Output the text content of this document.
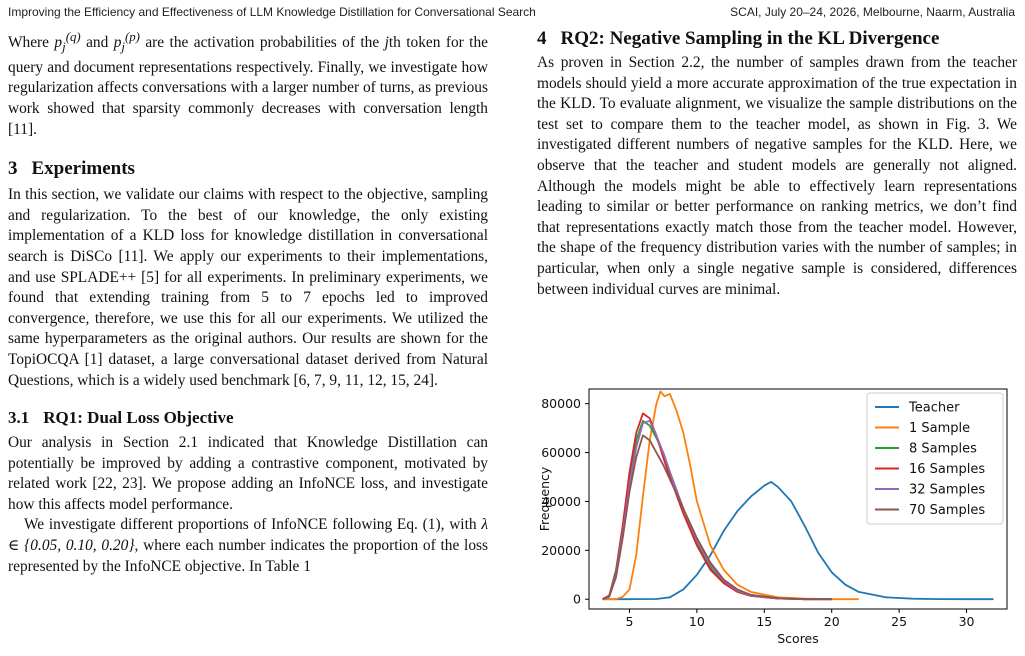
Improving the Efficiency and Effectiveness of LLM Knowledge Distillation for Conversational Search	SCAI, July 20–24, 2026, Melbourne, Naarm, Australia

Where $p_j^{(q)}$ and $p_j^{(p)}$ are the activation probabilities of the jth token for the query and document representations respectively. Finally, we investigate how regularization affects conversations with a larger number of turns, as previous work showed that sparsity commonly decreases with conversation length [11].

3 Experiments

In this section, we validate our claims with respect to the objective, sampling and regularization. To the best of our knowledge, the only existing implementation of a KLD loss for knowledge distillation in conversational search is DiSCo [11]. We apply our experiments to their implementations, and use SPLADE++ [5] for all experiments. In preliminary experiments, we found that extending training from 5 to 7 epochs led to improved convergence, therefore, we use this for all our experiments. We utilized the same hyperparameters as the original authors. Our results are shown for the TopiOCQA [1] dataset, a large conversational dataset derived from Natural Questions, which is a widely used benchmark [6, 7, 9, 11, 12, 15, 24].

3.1 RQ1: Dual Loss Objective

Our analysis in Section 2.1 indicated that Knowledge Distillation can potentially be improved by adding a contrastive component, motivated by related work [22, 23]. We propose adding an InfoNCE loss, and investigate how this affects model performance.

We investigate different proportions of InfoNCE following Eq. (1), with λ ∈ {0.05, 0.10, 0.20}, where each number indicates the proportion of the loss represented by the InfoNCE objective. In Table 1

4 RQ2: Negative Sampling in the KL Divergence

As proven in Section 2.2, the number of samples drawn from the teacher models should yield a more accurate approximation of the true expectation in the KLD. To evaluate alignment, we visualize the sample distributions on the test set to compare them to the teacher model, as shown in Fig. 3. We investigated different numbers of negative samples for the KLD. Here, we observe that the teacher and student models are generally not aligned. Although the models might be able to effectively learn representations leading to similar or better performance on ranking metrics, we don’t find that representations exactly match those from the teacher model. However, the shape of the frequency distribution varies with the number of samples; in particular, when only a single negative sample is considered, differences between individual curves are minimal.

5	10	15	20	25	30
0
20000
40000
60000
80000
Scores
Frequency
Teacher
1 Sample
8 Samples
16 Samples
32 Samples
70 Samples
